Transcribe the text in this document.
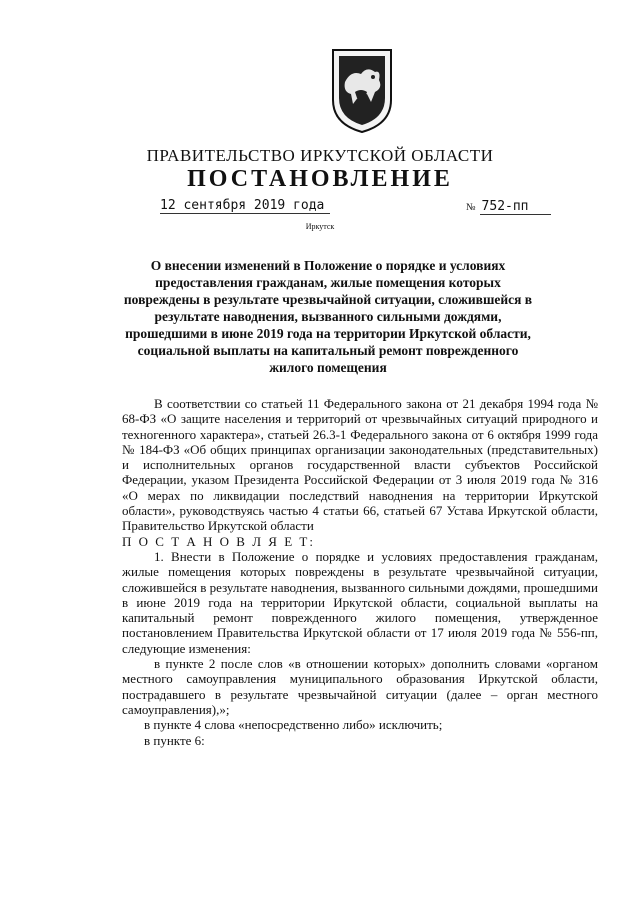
ПРАВИТЕЛЬСТВО ИРКУТСКОЙ ОБЛАСТИ
ПОСТАНОВЛЕНИЕ
12 сентября 2019 года	№ 752-пп
Иркутск
О внесении изменений в Положение о порядке и условиях предоставления гражданам, жилые помещения которых повреждены в результате чрезвычайной ситуации, сложившейся в результате наводнения, вызванного сильными дождями, прошедшими в июне 2019 года на территории Иркутской области, социальной выплаты на капитальный ремонт поврежденного жилого помещения

В соответствии со статьей 11 Федерального закона от 21 декабря 1994 года № 68-ФЗ «О защите населения и территорий от чрезвычайных ситуаций природного и техногенного характера», статьей 26.3-1 Федерального закона от 6 октября 1999 года № 184-ФЗ «Об общих принципах организации законодательных (представительных) и исполнительных органов государственной власти субъектов Российской Федерации, указом Президента Российской Федерации от 3 июля 2019 года № 316 «О мерах по ликвидации последствий наводнения на территории Иркутской области», руководствуясь частью 4 статьи 66, статьей 67 Устава Иркутской области, Правительство Иркутской области

П О С Т А Н О В Л Я Е Т:

1. Внести в Положение о порядке и условиях предоставления гражданам, жилые помещения которых повреждены в результате чрезвычайной ситуации, сложившейся в результате наводнения, вызванного сильными дождями, прошедшими в июне 2019 года на территории Иркутской области, социальной выплаты на капитальный ремонт поврежденного жилого помещения, утвержденное постановлением Правительства Иркутской области от 17 июля 2019 года № 556-пп, следующие изменения:

в пункте 2 после слов «в отношении которых» дополнить словами «органом местного самоуправления муниципального образования Иркутской области, пострадавшего в результате чрезвычайной ситуации (далее – орган местного самоуправления),»;

в пункте 4 слова «непосредственно либо» исключить;

в пункте 6:
